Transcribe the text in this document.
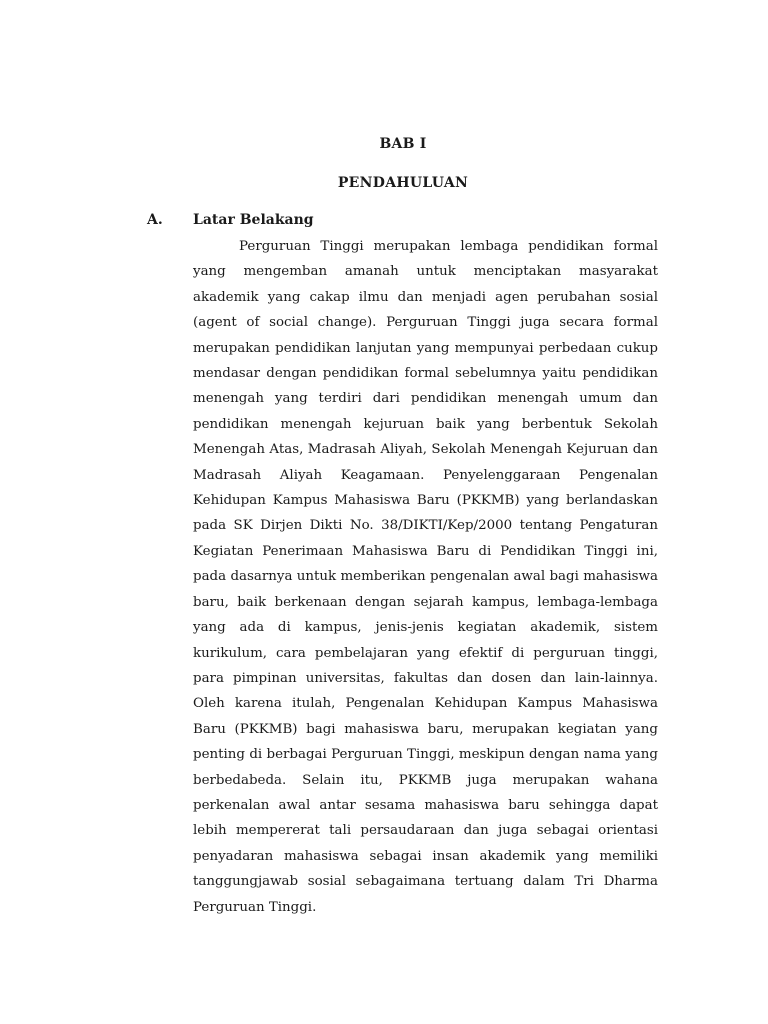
BAB I
PENDAHULUAN
A. Latar Belakang

Perguruan Tinggi merupakan lembaga pendidikan formal yang mengemban amanah untuk menciptakan masyarakat akademik yang cakap ilmu dan menjadi agen perubahan sosial (agent of social change). Perguruan Tinggi juga secara formal merupakan pendidikan lanjutan yang mempunyai perbedaan cukup mendasar dengan pendidikan formal sebelumnya yaitu pendidikan menengah yang terdiri dari pendidikan menengah umum dan pendidikan menengah kejuruan baik yang berbentuk Sekolah Menengah Atas, Madrasah Aliyah, Sekolah Menengah Kejuruan dan Madrasah Aliyah Keagamaan. Penyelenggaraan Pengenalan Kehidupan Kampus Mahasiswa Baru (PKKMB) yang berlandaskan pada SK Dirjen Dikti No. 38/DIKTI/Kep/2000 tentang Pengaturan Kegiatan Penerimaan Mahasiswa Baru di Pendidikan Tinggi ini, pada dasarnya untuk memberikan pengenalan awal bagi mahasiswa baru, baik berkenaan dengan sejarah kampus, lembaga-lembaga yang ada di kampus, jenis-jenis kegiatan akademik, sistem kurikulum, cara pembelajaran yang efektif di perguruan tinggi, para pimpinan universitas, fakultas dan dosen dan lain-lainnya. Oleh karena itulah, Pengenalan Kehidupan Kampus Mahasiswa Baru (PKKMB) bagi mahasiswa baru, merupakan kegiatan yang penting di berbagai Perguruan Tinggi, meskipun dengan nama yang berbedabeda. Selain itu, PKKMB juga merupakan wahana perkenalan awal antar sesama mahasiswa baru sehingga dapat lebih mempererat tali persaudaraan dan juga sebagai orientasi penyadaran mahasiswa sebagai insan akademik yang memiliki tanggungjawab sosial sebagaimana tertuang dalam Tri Dharma Perguruan Tinggi.
